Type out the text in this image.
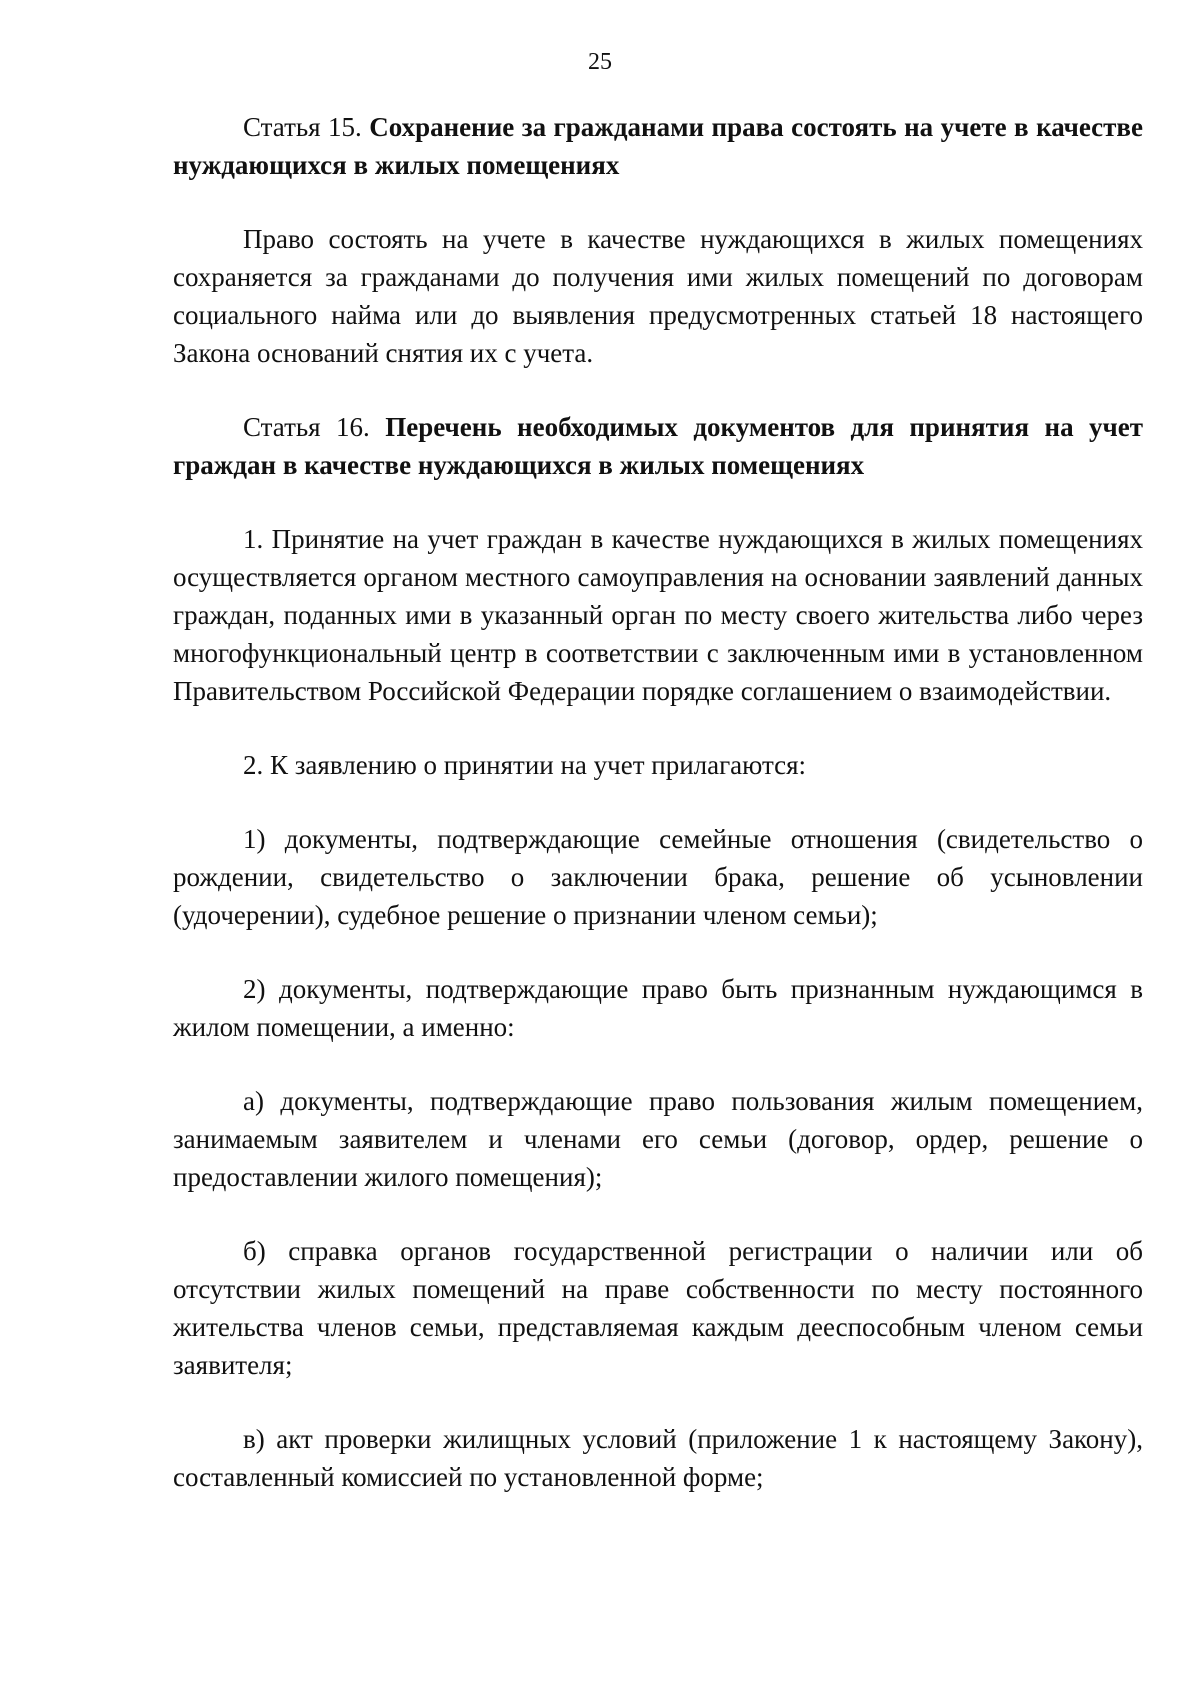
25

Статья 15. Сохранение за гражданами права состоять на учете в качестве нуждающихся в жилых помещениях

Право состоять на учете в качестве нуждающихся в жилых помещениях сохраняется за гражданами до получения ими жилых помещений по договорам социального найма или до выявления предусмотренных статьей 18 настоящего Закона оснований снятия их с учета.

Статья 16. Перечень необходимых документов для принятия на учет граждан в качестве нуждающихся в жилых помещениях

1. Принятие на учет граждан в качестве нуждающихся в жилых помещениях осуществляется органом местного самоуправления на основании заявлений данных граждан, поданных ими в указанный орган по месту своего жительства либо через многофункциональный центр в соответствии с заключенным ими в установленном Правительством Российской Федерации порядке соглашением о взаимодействии.

2. К заявлению о принятии на учет прилагаются:

1) документы, подтверждающие семейные отношения (свидетельство о рождении, свидетельство о заключении брака, решение об усыновлении (удочерении), судебное решение о признании членом семьи);

2) документы, подтверждающие право быть признанным нуждающимся в жилом помещении, а именно:

а) документы, подтверждающие право пользования жилым помещением, занимаемым заявителем и членами его семьи (договор, ордер, решение о предоставлении жилого помещения);

б) справка органов государственной регистрации о наличии или об отсутствии жилых помещений на праве собственности по месту постоянного жительства членов семьи, представляемая каждым дееспособным членом семьи заявителя;

в) акт проверки жилищных условий (приложение 1 к настоящему Закону), составленный комиссией по установленной форме;
